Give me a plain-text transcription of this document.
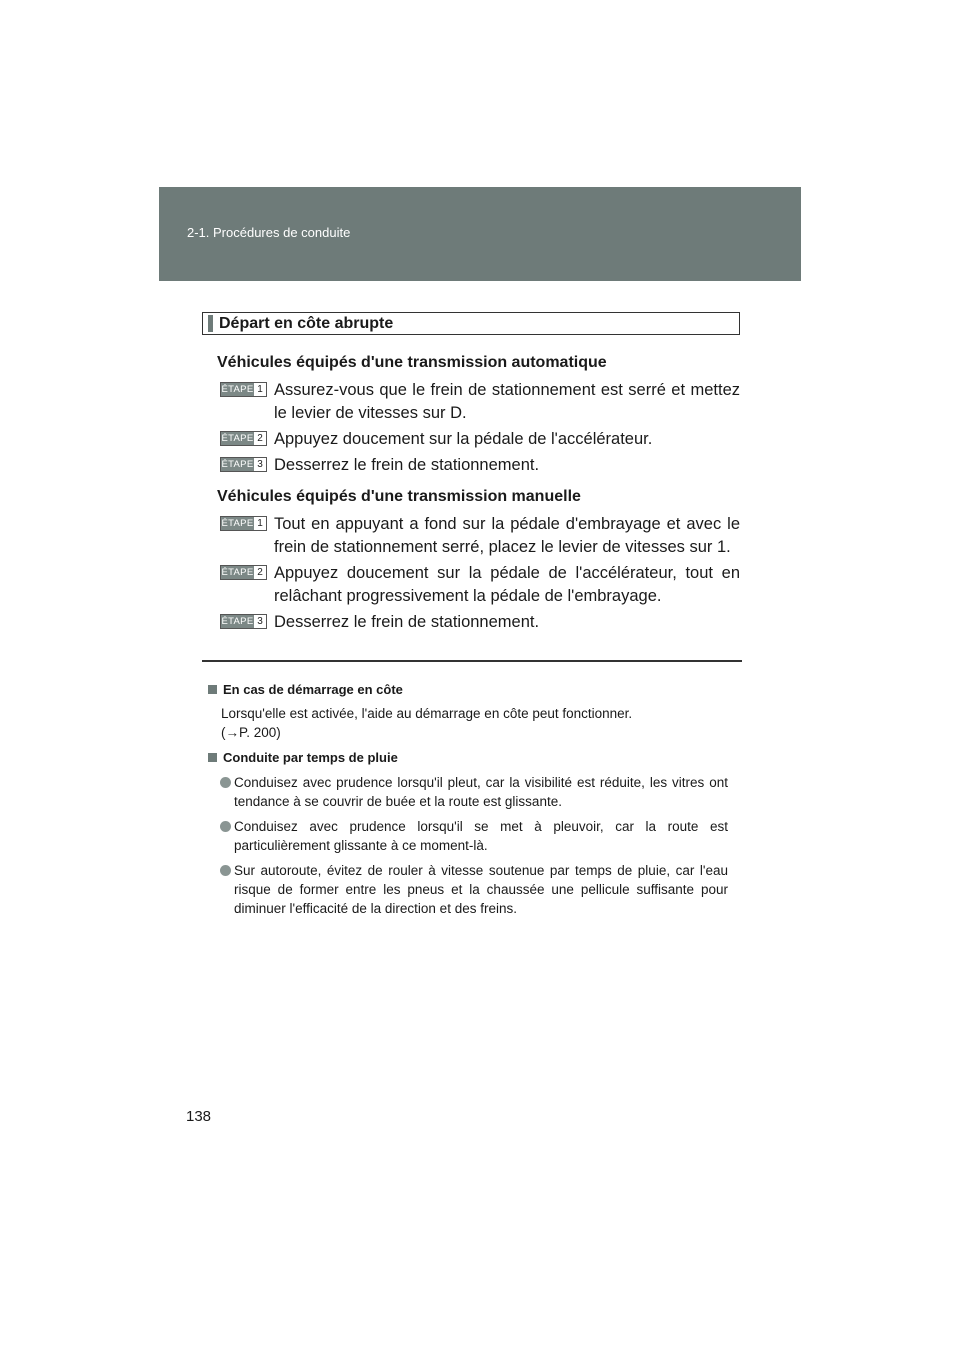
2-1. Procédures de conduite
Départ en côte abrupte
Véhicules équipés d'une transmission automatique
ÉTAPE 1 Assurez-vous que le frein de stationnement est serré et mettez le levier de vitesses sur D.
ÉTAPE 2 Appuyez doucement sur la pédale de l'accélérateur.
ÉTAPE 3 Desserrez le frein de stationnement.
Véhicules équipés d'une transmission manuelle
ÉTAPE 1 Tout en appuyant a fond sur la pédale d'embrayage et avec le frein de stationnement serré, placez le levier de vitesses sur 1.
ÉTAPE 2 Appuyez doucement sur la pédale de l'accélérateur, tout en relâchant progressivement la pédale de l'embrayage.
ÉTAPE 3 Desserrez le frein de stationnement.
En cas de démarrage en côte
Lorsqu'elle est activée, l'aide au démarrage en côte peut fonctionner.
(→P. 200)
Conduite par temps de pluie
Conduisez avec prudence lorsqu'il pleut, car la visibilité est réduite, les vitres ont tendance à se couvrir de buée et la route est glissante.
Conduisez avec prudence lorsqu'il se met à pleuvoir, car la route est particulièrement glissante à ce moment-là.
Sur autoroute, évitez de rouler à vitesse soutenue par temps de pluie, car l'eau risque de former entre les pneus et la chaussée une pellicule suffisante pour diminuer l'efficacité de la direction et des freins.
138
